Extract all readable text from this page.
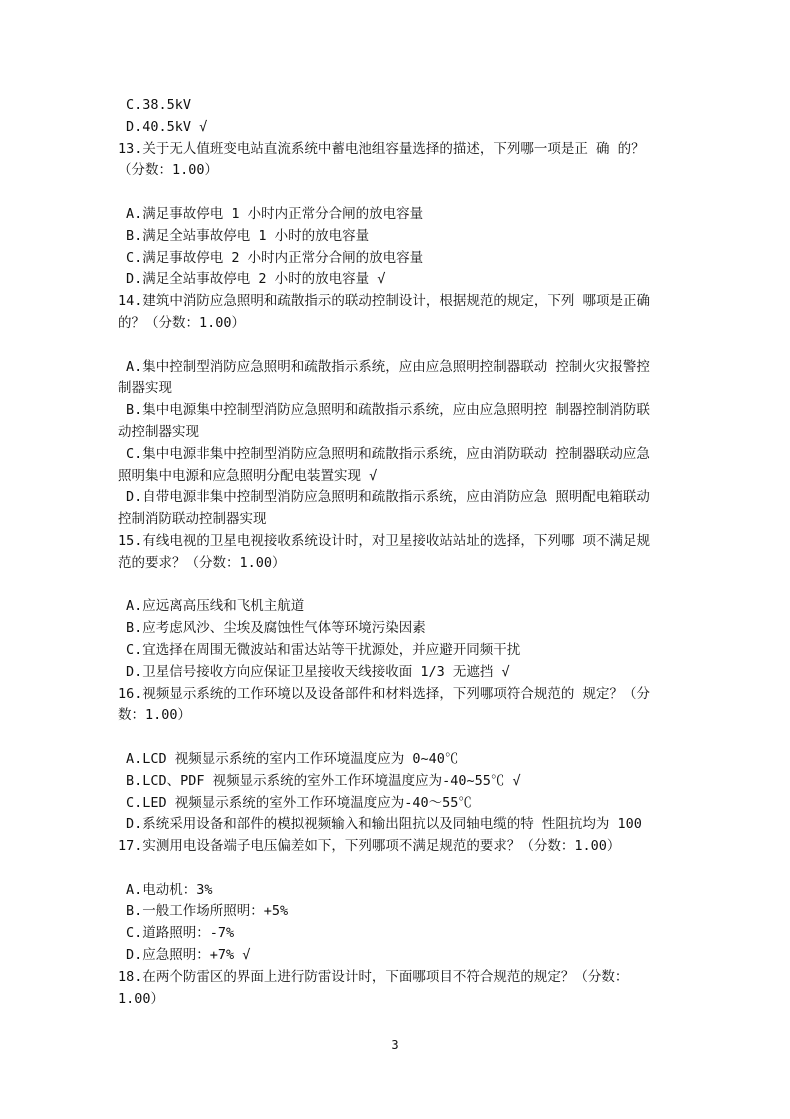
C.38.5kV
D.40.5kV √
13.关于无人值班变电站直流系统中蓄电池组容量选择的描述，下列哪一项是正 确 的？
（分数：1.00）
A.满足事故停电 1 小时内正常分合闸的放电容量
B.满足全站事故停电 1 小时的放电容量
C.满足事故停电 2 小时内正常分合闸的放电容量
D.满足全站事故停电 2 小时的放电容量 √
14.建筑中消防应急照明和疏散指示的联动控制设计，根据规范的规定，下列 哪项是正确
的？（分数：1.00）
A.集中控制型消防应急照明和疏散指示系统，应由应急照明控制器联动 控制火灾报警控
制器实现
B.集中电源集中控制型消防应急照明和疏散指示系统，应由应急照明控 制器控制消防联
动控制器实现
C.集中电源非集中控制型消防应急照明和疏散指示系统，应由消防联动 控制器联动应急
照明集中电源和应急照明分配电装置实现 √
D.自带电源非集中控制型消防应急照明和疏散指示系统，应由消防应急 照明配电箱联动
控制消防联动控制器实现
15.有线电视的卫星电视接收系统设计时，对卫星接收站站址的选择，下列哪 项不满足规
范的要求？（分数：1.00）
A.应远离高压线和飞机主航道
B.应考虑风沙、尘埃及腐蚀性气体等环境污染因素
C.宜选择在周围无微波站和雷达站等干扰源处，并应避开同频干扰
D.卫星信号接收方向应保证卫星接收天线接收面 1/3 无遮挡 √
16.视频显示系统的工作环境以及设备部件和材料选择，下列哪项符合规范的 规定？（分
数：1.00）
A.LCD 视频显示系统的室内工作环境温度应为 0~40℃
B.LCD、PDF 视频显示系统的室外工作环境温度应为-40~55℃ √
C.LED 视频显示系统的室外工作环境温度应为-40～55℃
D.系统采用设备和部件的模拟视频输入和输出阻抗以及同轴电缆的特 性阻抗均为 100
17.实测用电设备端子电压偏差如下，下列哪项不满足规范的要求？（分数：1.00）
A.电动机：3%
B.一般工作场所照明：+5%
C.道路照明：-7%
D.应急照明：+7% √
18.在两个防雷区的界面上进行防雷设计时，下面哪项目不符合规范的规定？（分数：
1.00）
3
